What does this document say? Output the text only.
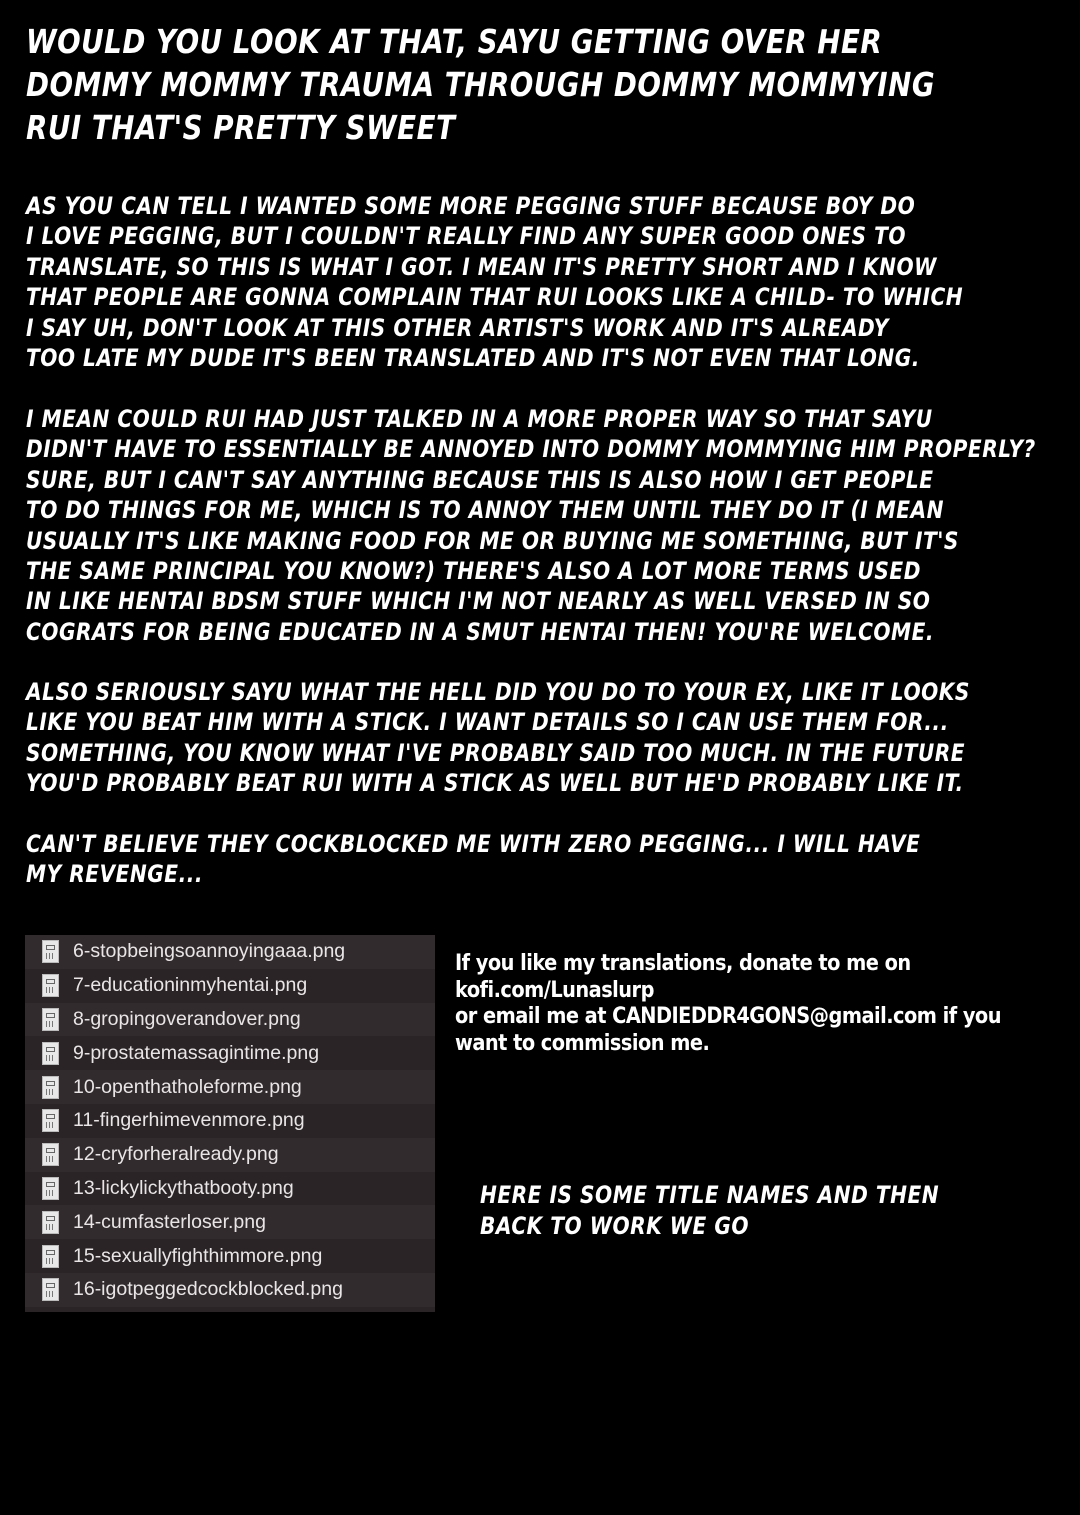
WOULD YOU LOOK AT THAT, SAYU GETTING OVER HER
DOMMY MOMMY TRAUMA THROUGH DOMMY MOMMYING
RUI THAT'S PRETTY SWEET
AS YOU CAN TELL I WANTED SOME MORE PEGGING STUFF BECAUSE BOY DO
I LOVE PEGGING, BUT I COULDN'T REALLY FIND ANY SUPER GOOD ONES TO
TRANSLATE, SO THIS IS WHAT I GOT. I MEAN IT'S PRETTY SHORT AND I KNOW
THAT PEOPLE ARE GONNA COMPLAIN THAT RUI LOOKS LIKE A CHILD- TO WHICH
I SAY UH, DON'T LOOK AT THIS OTHER ARTIST'S WORK AND IT'S ALREADY
TOO LATE MY DUDE IT'S BEEN TRANSLATED AND IT'S NOT EVEN THAT LONG.
I MEAN COULD RUI HAD JUST TALKED IN A MORE PROPER WAY SO THAT SAYU
DIDN'T HAVE TO ESSENTIALLY BE ANNOYED INTO DOMMY MOMMYING HIM PROPERLY?
SURE, BUT I CAN'T SAY ANYTHING BECAUSE THIS IS ALSO HOW I GET PEOPLE
TO DO THINGS FOR ME, WHICH IS TO ANNOY THEM UNTIL THEY DO IT (I MEAN
USUALLY IT'S LIKE MAKING FOOD FOR ME OR BUYING ME SOMETHING, BUT IT'S
THE SAME PRINCIPAL YOU KNOW?) THERE'S ALSO A LOT MORE TERMS USED
IN LIKE HENTAI BDSM STUFF WHICH I'M NOT NEARLY AS WELL VERSED IN SO
COGRATS FOR BEING EDUCATED IN A SMUT HENTAI THEN! YOU'RE WELCOME.
ALSO SERIOUSLY SAYU WHAT THE HELL DID YOU DO TO YOUR EX, LIKE IT LOOKS
LIKE YOU BEAT HIM WITH A STICK. I WANT DETAILS SO I CAN USE THEM FOR...
SOMETHING, YOU KNOW WHAT I'VE PROBABLY SAID TOO MUCH. IN THE FUTURE
YOU'D PROBABLY BEAT RUI WITH A STICK AS WELL BUT HE'D PROBABLY LIKE IT.
CAN'T BELIEVE THEY COCKBLOCKED ME WITH ZERO PEGGING... I WILL HAVE
MY REVENGE...
6-stopbeingsoannoyingaaa.png
7-educationinmyhentai.png
8-gropingoverandover.png
9-prostatemassagintime.png
10-openthatholeforme.png
11-fingerhimevenmore.png
12-cryforheralready.png
13-lickylickythatbooty.png
14-cumfasterloser.png
15-sexuallyfighthimmore.png
16-igotpeggedcockblocked.png
If you like my translations, donate to me on
kofi.com/Lunaslurp
or email me at CANDIEDDR4GONS@gmail.com if you
want to commission me.
HERE IS SOME TITLE NAMES AND THEN
BACK TO WORK WE GO
